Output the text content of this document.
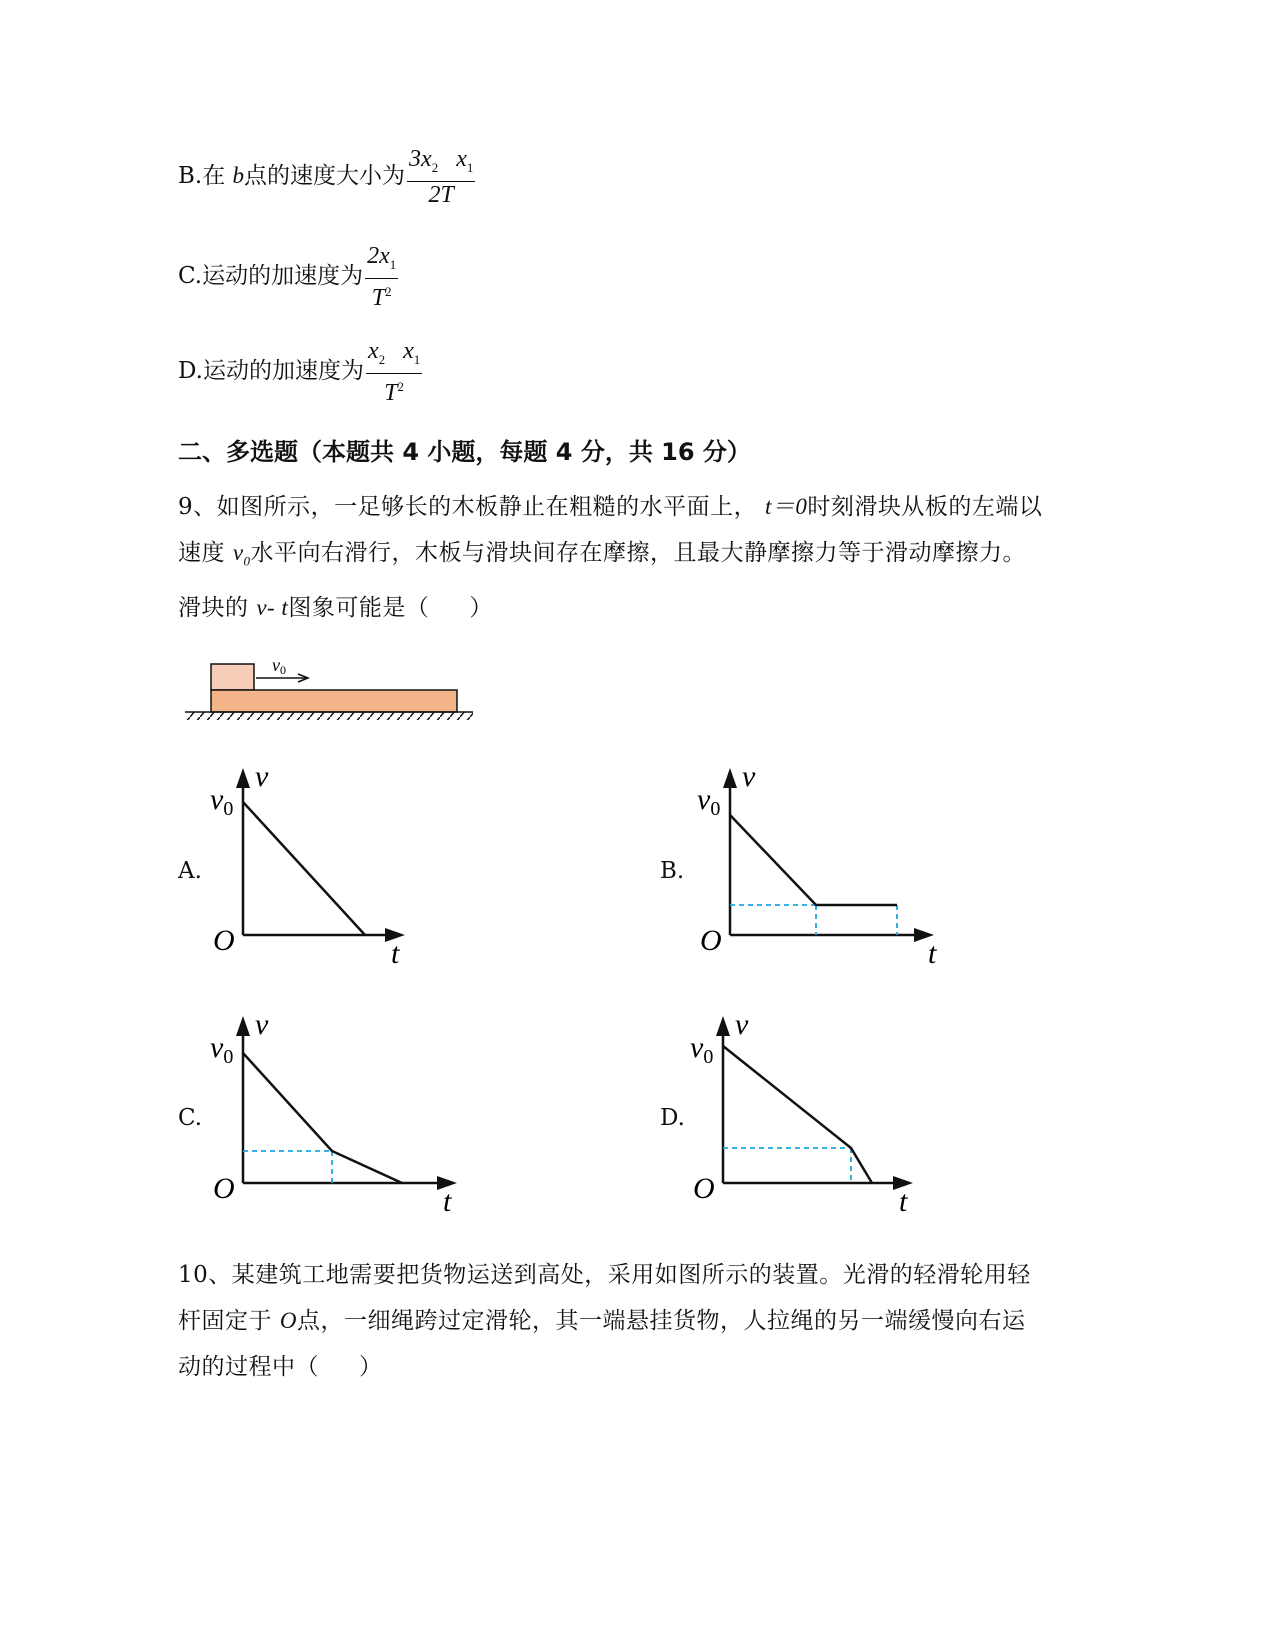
B.在 b点的速度大小为 $\frac{3x_2 x_1}{2T}$
C.运动的加速度为 $\frac{2x_1}{T^2}$
D.运动的加速度为 $\frac{x_2 x_1}{T^2}$
二、多选题（本题共 4 小题，每题 4 分，共 16 分）
9、如图所示，一足够长的木板静止在粗糙的水平面上， t＝0时刻滑块从板的左端以速度 $v_0$水平向右滑行，木板与滑块间存在摩擦，且最大静摩擦力等于滑动摩擦力。滑块的 v- t图象可能是（ ）
v0
A.
v
$v_0$
O	t
B.
v
$v_0$
O	t
C.
v
$v_0$
O	t
D.
v
$v_0$
O	t
10、某建筑工地需要把货物运送到高处，采用如图所示的装置。光滑的轻滑轮用轻杆固定于 O点，一细绳跨过定滑轮，其一端悬挂货物，人拉绳的另一端缓慢向右运动的过程中（ ）
